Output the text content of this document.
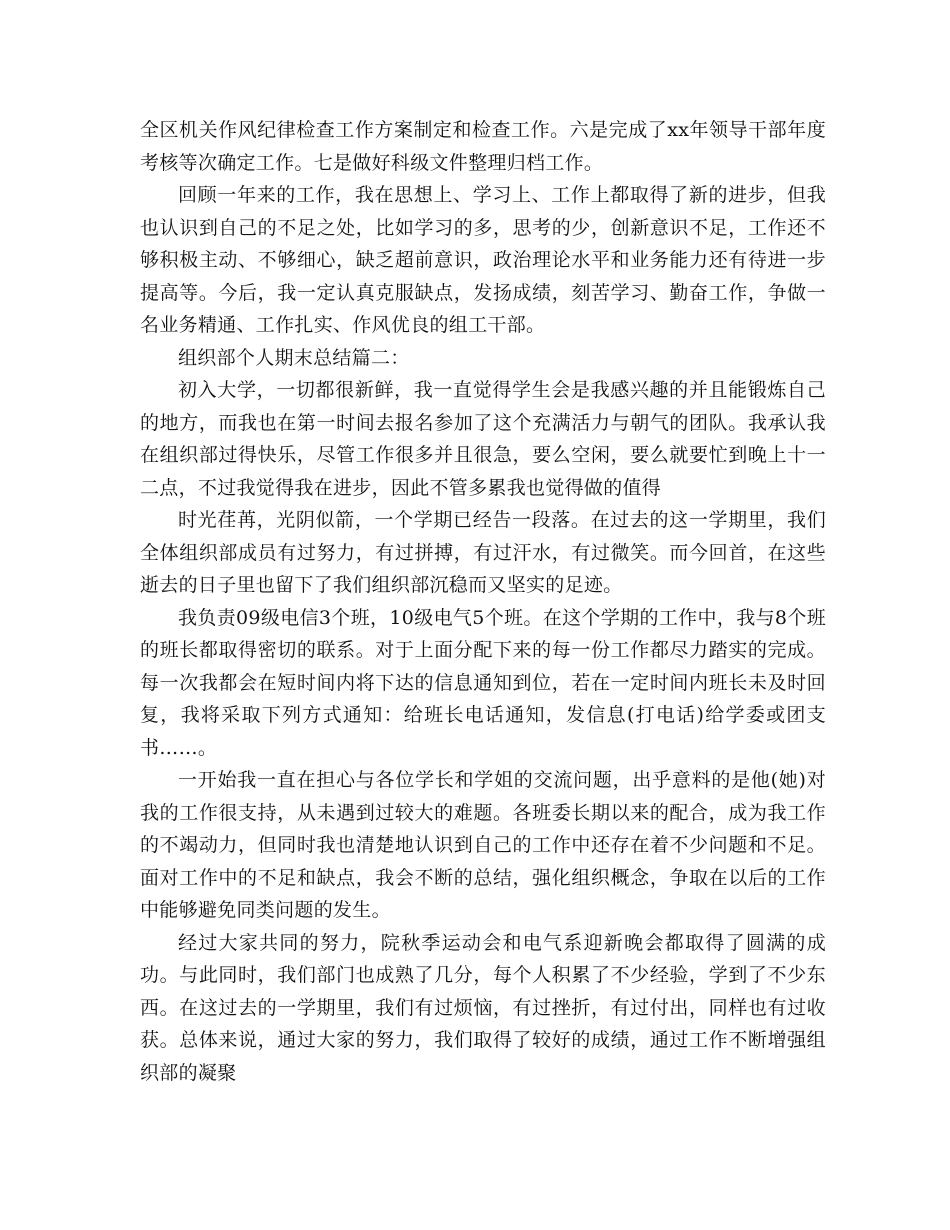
全区机关作风纪律检查工作方案制定和检查工作。六是完成了xx年领导干部年度考核等次确定工作。七是做好科级文件整理归档工作。

回顾一年来的工作，我在思想上、学习上、工作上都取得了新的进步，但我也认识到自己的不足之处，比如学习的多，思考的少，创新意识不足，工作还不够积极主动、不够细心，缺乏超前意识，政治理论水平和业务能力还有待进一步提高等。今后，我一定认真克服缺点，发扬成绩，刻苦学习、勤奋工作，争做一名业务精通、工作扎实、作风优良的组工干部。

组织部个人期末总结篇二：

初入大学，一切都很新鲜，我一直觉得学生会是我感兴趣的并且能锻炼自己的地方，而我也在第一时间去报名参加了这个充满活力与朝气的团队。我承认我在组织部过得快乐，尽管工作很多并且很急，要么空闲，要么就要忙到晚上十一二点，不过我觉得我在进步，因此不管多累我也觉得做的值得

时光荏苒，光阴似箭，一个学期已经告一段落。在过去的这一学期里，我们全体组织部成员有过努力，有过拼搏，有过汗水，有过微笑。而今回首，在这些逝去的日子里也留下了我们组织部沉稳而又坚实的足迹。

我负责09级电信3个班，10级电气5个班。在这个学期的工作中，我与8个班的班长都取得密切的联系。对于上面分配下来的每一份工作都尽力踏实的完成。每一次我都会在短时间内将下达的信息通知到位，若在一定时间内班长未及时回复，我将采取下列方式通知：给班长电话通知，发信息(打电话)给学委或团支书……。

一开始我一直在担心与各位学长和学姐的交流问题，出乎意料的是他(她)对我的工作很支持，从未遇到过较大的难题。各班委长期以来的配合，成为我工作的不竭动力，但同时我也清楚地认识到自己的工作中还存在着不少问题和不足。面对工作中的不足和缺点，我会不断的总结，强化组织概念，争取在以后的工作中能够避免同类问题的发生。

经过大家共同的努力，院秋季运动会和电气系迎新晚会都取得了圆满的成功。与此同时，我们部门也成熟了几分，每个人积累了不少经验，学到了不少东西。在这过去的一学期里，我们有过烦恼，有过挫折，有过付出，同样也有过收获。总体来说，通过大家的努力，我们取得了较好的成绩，通过工作不断增强组织部的凝聚
